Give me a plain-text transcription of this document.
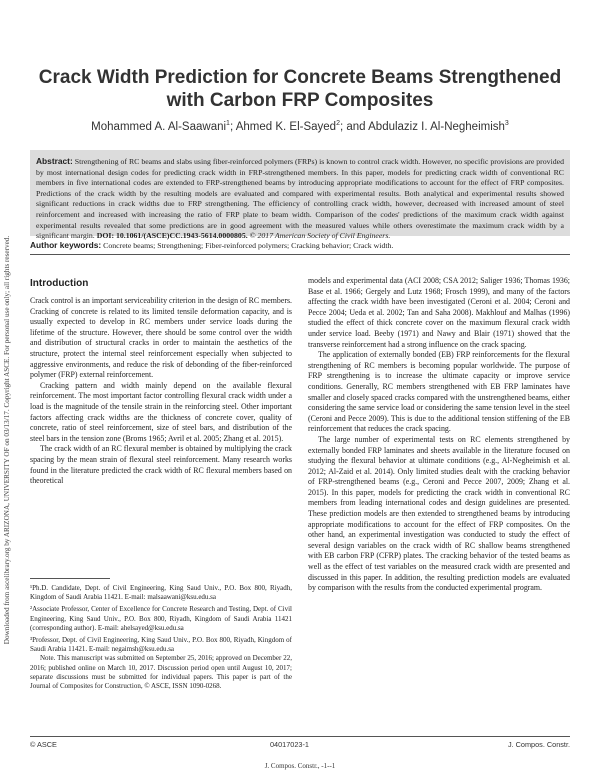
Downloaded from ascelibrary.org by ARIZONA, UNIVERSITY OF on 03/13/17. Copyright ASCE. For personal use only; all rights reserved.
Crack Width Prediction for Concrete Beams Strengthened with Carbon FRP Composites
Mohammed A. Al-Saawani$^1$; Ahmed K. El-Sayed$^2$; and Abdulaziz I. Al-Negheimish$^3$

Abstract: Strengthening of RC beams and slabs using fiber-reinforced polymers (FRPs) is known to control crack width. However, no specific provisions are provided by most international design codes for predicting crack width in FRP-strengthened members. In this paper, models for predicting crack width of conventional RC members in five international codes are extended to FRP-strengthened beams by introducing appropriate modifications to account for the effect of FRP composites. Predictions of the crack width by the resulting models are evaluated and compared with experimental results. Both analytical and experimental results showed significant reductions in crack widths due to FRP strengthening. The efficiency of controlling crack width, however, decreased with increased amount of steel reinforcement and increased with increasing the ratio of FRP plate to beam width. Comparison of the codes' predictions of the maximum crack width against experimental results revealed that some predictions are in good agreement with the measured values while others overestimate the maximum crack width by a significant margin. DOI: 10.1061/(ASCE)CC.1943-5614.0000805. © 2017 American Society of Civil Engineers.

Author keywords: Concrete beams; Strengthening; Fiber-reinforced polymers; Cracking behavior; Crack width.
Introduction

Crack control is an important serviceability criterion in the design of RC members. Cracking of concrete is related to its limited tensile deformation capacity, and is usually expected to develop in RC members under service loads during the lifetime of the structure. However, there should be some control over the width and distribution of structural cracks in order to maintain the aesthetics of the structure, protect the internal steel reinforcement especially when subjected to aggressive environments, and reduce the risk of debonding of the fiber-reinforced polymer (FRP) external reinforcement.

Cracking pattern and width mainly depend on the available flexural reinforcement. The most important factor controlling flexural crack width under a load is the magnitude of the tensile strain in the reinforcing steel. Other important factors affecting crack widths are the thickness of concrete cover, quality of concrete, ratio of steel reinforcement, size of steel bars, and distribution of the steel bars in the tension zone (Broms 1965; Avril et al. 2005; Zhang et al. 2015).

The crack width of an RC flexural member is obtained by multiplying the crack spacing by the mean strain of flexural steel reinforcement. Many research works found in the literature predicted the crack width of RC flexural members based on theoretical

¹Ph.D. Candidate, Dept. of Civil Engineering, King Saud Univ., P.O. Box 800, Riyadh, Kingdom of Saudi Arabia 11421. E-mail: malsaawani@ksu.edu.sa
²Associate Professor, Center of Excellence for Concrete Research and Testing, Dept. of Civil Engineering, King Saud Univ., P.O. Box 800, Riyadh, Kingdom of Saudi Arabia 11421 (corresponding author). E-mail: ahelsayed@ksu.edu.sa
³Professor, Dept. of Civil Engineering, King Saud Univ., P.O. Box 800, Riyadh, Kingdom of Saudi Arabia 11421. E-mail: negaimsh@ksu.edu.sa
Note. This manuscript was submitted on September 25, 2016; approved on December 22, 2016; published online on March 10, 2017. Discussion period open until August 10, 2017; separate discussions must be submitted for individual papers. This paper is part of the Journal of Composites for Construction, © ASCE, ISSN 1090-0268.

models and experimental data (ACI 2008; CSA 2012; Saliger 1936; Thomas 1936; Base et al. 1966; Gergely and Lutz 1968; Frosch 1999), and many of the factors affecting the crack width have been investigated (Ceroni et al. 2004; Ceroni and Pecce 2004; Ueda et al. 2002; Tan and Saha 2008). Makhlouf and Malhas (1996) studied the effect of thick concrete cover on the maximum flexural crack width under service load. Beeby (1971) and Nawy and Blair (1971) showed that the transverse reinforcement had a strong influence on the crack spacing.

The application of externally bonded (EB) FRP reinforcements for the flexural strengthening of RC members is becoming popular worldwide. The purpose of FRP strengthening is to increase the ultimate capacity or improve service conditions. Generally, RC members strengthened with EB FRP laminates have smaller and closely spaced cracks compared with the unstrengthened beams, either considering the same service load or considering the same tension level in the steel (Ceroni and Pecce 2009). This is due to the additional tension stiffening of the EB reinforcement that reduces the crack spacing.

The large number of experimental tests on RC elements strengthened by externally bonded FRP laminates and sheets available in the literature focused on studying the flexural behavior at ultimate conditions (e.g., Al-Negheimish et al. 2012; Al-Zaid et al. 2014). Only limited studies dealt with the cracking behavior of FRP-strengthened beams (e.g., Ceroni and Pecce 2007, 2009; Zhang et al. 2015). In this paper, models for predicting the crack width in conventional RC members from leading international codes and design guidelines are presented. These prediction models are then extended to strengthened beams by introducing appropriate modifications to account for the effect of FRP composites. On the other hand, an experimental investigation was conducted to study the effect of several design variables on the crack width of RC shallow beams strengthened with EB carbon FRP (CFRP) plates. The cracking behavior of the tested beams as well as the effect of test variables on the measured crack width are presented and discussed in this paper. In addition, the resulting prediction models are evaluated by comparison with the results from the conducted experimental program.

© ASCE	04017023-1	J. Compos. Constr.
J. Compos. Constr., -1--1
